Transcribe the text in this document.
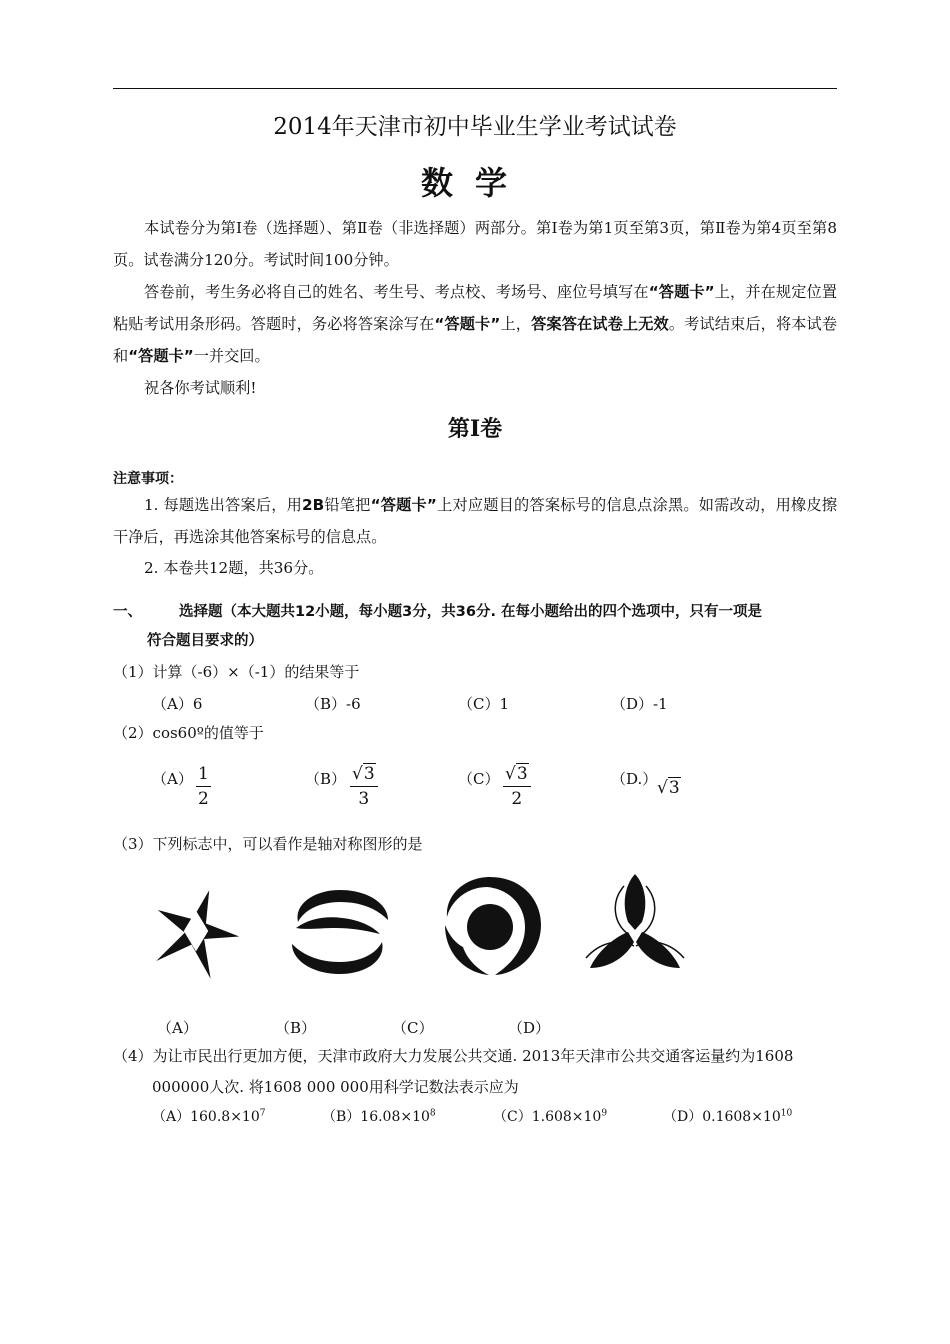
2014年天津市初中毕业生学业考试试卷
数学
本试卷分为第Ⅰ卷（选择题）、第Ⅱ卷（非选择题）两部分。第Ⅰ卷为第1页至第3页，第Ⅱ卷为第4页至第8页。试卷满分120分。考试时间100分钟。
答卷前，考生务必将自己的姓名、考生号、考点校、考场号、座位号填写在“答题卡”上，并在规定位置粘贴考试用条形码。答题时，务必将答案涂写在“答题卡”上，答案答在试卷上无效。考试结束后，将本试卷和“答题卡”一并交回。
祝各你考试顺利!
第Ⅰ卷
注意事项：
1. 每题选出答案后，用2B铅笔把“答题卡”上对应题目的答案标号的信息点涂黑。如需改动，用橡皮擦干净后，再选涂其他答案标号的信息点。
2. 本卷共12题，共36分。
一、	选择题（本大题共12小题，每小题3分，共36分. 在每小题给出的四个选项中，只有一项是
符合题目要求的）
（1）计算（-6）×（-1）的结果等于
（A）6	（B）-6	（C）1	（D）-1
（2）cos60º的值等于
（A） 1
2
（B） √3
3
（C） √3
2
（D.） √3
（3）下列标志中，可以看作是轴对称图形的是
（A）	（B）	（C）	（D）
（4）为让市民出行更加方便，天津市政府大力发展公共交通. 2013年天津市公共交通客运量约为1608
000000人次. 将1608 000 000用科学记数法表示应为
$(A)160.8\times 10^7$	$(B)16.08\times 10^8$	$(C)1.608\times 10^9$	$(D)0.1608\times 10^{10}$
